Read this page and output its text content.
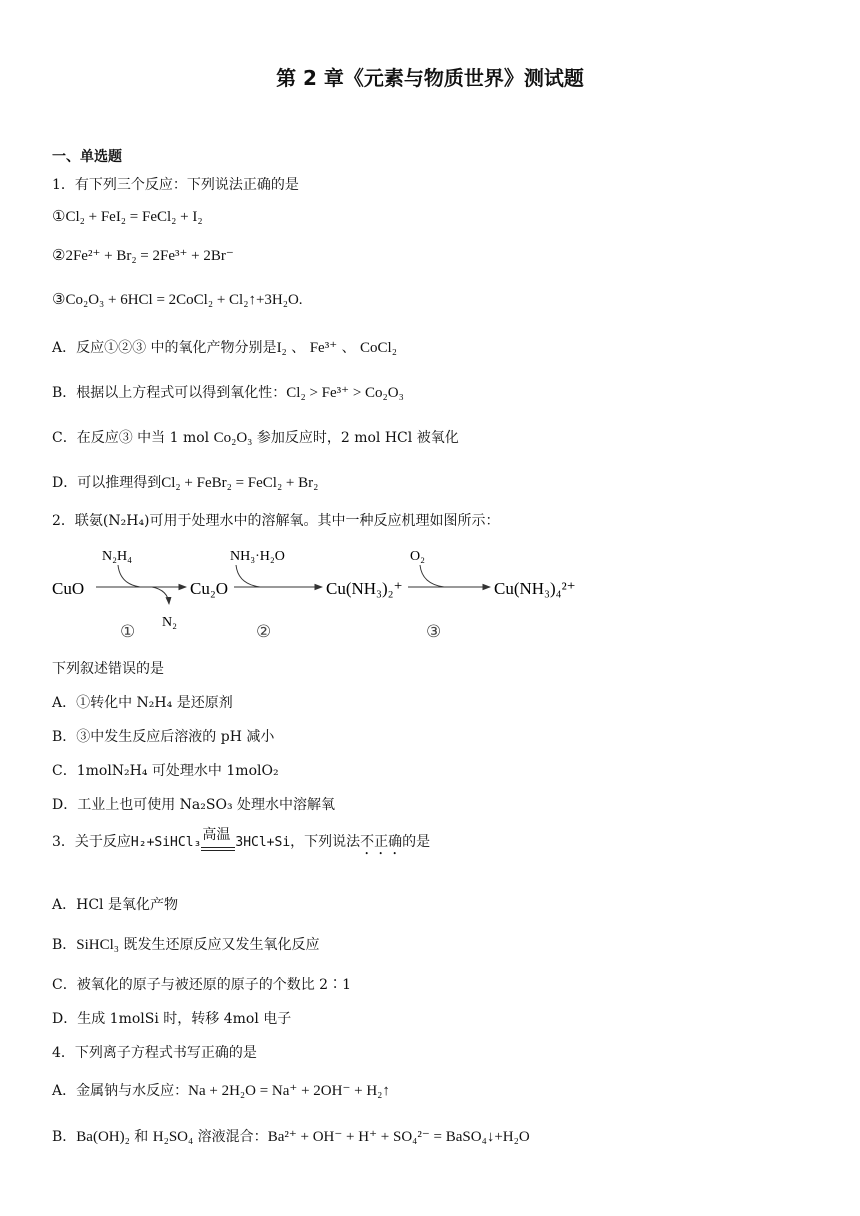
第 2 章《元素与物质世界》测试题
一、单选题
1．有下列三个反应：下列说法正确的是
①Cl₂ + FeI₂ = FeCl₂ + I₂
②2Fe²⁺ + Br₂ = 2Fe³⁺ + 2Br⁻
③Co₂O₃ + 6HCl = 2CoCl₂ + Cl₂↑+3H₂O.
A．反应①②③ 中的氧化产物分别是I₂ 、 Fe³⁺ 、 CoCl₂
B．根据以上方程式可以得到氧化性：Cl₂ > Fe³⁺ > Co₂O₃
C．在反应③ 中当 1 mol Co₂O₃ 参加反应时，2 mol HCl 被氧化
D．可以推理得到Cl₂ + FeBr₂ = FeCl₂ + Br₂
2．联氨(N₂H₄)可用于处理水中的溶解氧。其中一种反应机理如图所示：
CuO	Cu₂O	Cu(NH₃)₂⁺	Cu(NH₃)₄²⁺
N₂H₄
N₂
NH₃·H₂O	O₂
①	②	③
下列叙述错误的是
A．①转化中 N₂H₄ 是还原剂
B．③中发生反应后溶液的 pH 减小
C．1molN₂H₄ 可处理水中 1molO₂
D．工业上也可使用 Na₂SO₃ 处理水中溶解氧
3．关于反应H₂+SiHCl₃ 高温 3HCl+Si，下列说法不正确的是
A．HCl 是氧化产物
B．SiHCl₃ 既发生还原反应又发生氧化反应
C．被氧化的原子与被还原的原子的个数比 2∶1
D．生成 1molSi 时，转移 4mol 电子
4．下列离子方程式书写正确的是
A．金属钠与水反应：Na + 2H₂O = Na⁺ + 2OH⁻ + H₂↑
B．Ba(OH)₂ 和 H₂SO₄ 溶液混合：Ba²⁺ + OH⁻ + H⁺ + SO₄²⁻ = BaSO₄↓+H₂O
